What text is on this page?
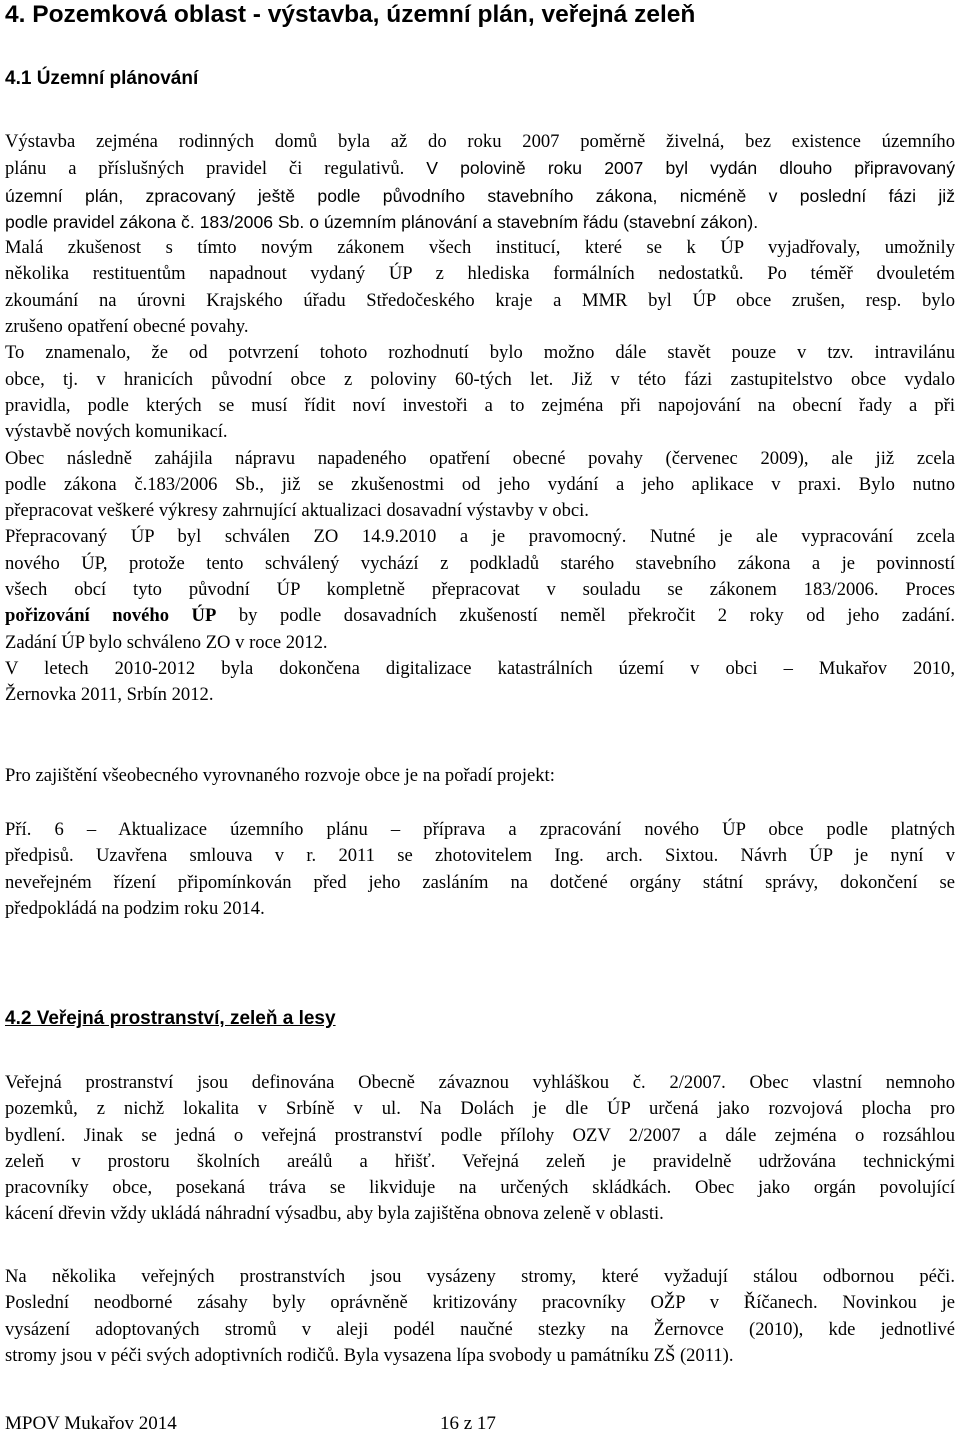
4. Pozemková oblast - výstavba, územní plán, veřejná zeleň
4.1 Územní plánování
Výstavba zejména rodinných domů byla až do roku 2007 poměrně živelná, bez existence územního
plánu a příslušných pravidel či regulativů. V polovině roku 2007 byl vydán dlouho připravovaný
územní plán, zpracovaný ještě podle původního stavebního zákona, nicméně v poslední fázi již
podle pravidel zákona č. 183/2006 Sb. o územním plánování a stavebním řádu (stavební zákon).
Malá zkušenost s tímto novým zákonem všech institucí, které se k ÚP vyjadřovaly, umožnily
několika restituentům napadnout vydaný ÚP z hlediska formálních nedostatků. Po téměř dvouletém
zkoumání na úrovni Krajského úřadu Středočeského kraje a MMR byl ÚP obce zrušen, resp. bylo
zrušeno opatření obecné povahy.
To znamenalo, že od potvrzení tohoto rozhodnutí bylo možno dále stavět pouze v tzv. intravilánu
obce, tj. v hranicích původní obce z poloviny 60-tých let. Již v této fázi zastupitelstvo obce vydalo
pravidla, podle kterých se musí řídit noví investoři a to zejména při napojování na obecní řady a při
výstavbě nových komunikací.
Obec následně zahájila nápravu napadeného opatření obecné povahy (červenec 2009), ale již zcela
podle zákona č.183/2006 Sb., již se zkušenostmi od jeho vydání a jeho aplikace v praxi. Bylo nutno
přepracovat veškeré výkresy zahrnující aktualizaci dosavadní výstavby v obci.
Přepracovaný ÚP byl schválen ZO 14.9.2010 a je pravomocný. Nutné je ale vypracování zcela
nového ÚP, protože tento schválený vychází z podkladů starého stavebního zákona a je povinností
všech obcí tyto původní ÚP kompletně přepracovat v souladu se zákonem 183/2006. Proces
pořizování nového ÚP by podle dosavadních zkušeností neměl překročit 2 roky od jeho zadání.
Zadání ÚP bylo schváleno ZO v roce 2012.
V letech 2010-2012 byla dokončena digitalizace katastrálních území v obci – Mukařov 2010,
Žernovka 2011, Srbín 2012.
Pro zajištění všeobecného vyrovnaného rozvoje obce je na pořadí projekt:
Pří. 6 – Aktualizace územního plánu – příprava a zpracování nového ÚP obce podle platných
předpisů. Uzavřena smlouva v r. 2011 se zhotovitelem Ing. arch. Sixtou. Návrh ÚP je nyní v
neveřejném řízení připomínkován před jeho zasláním na dotčené orgány státní správy, dokončení se
předpokládá na podzim roku 2014.
4.2 Veřejná prostranství, zeleň a lesy
Veřejná prostranství jsou definována Obecně závaznou vyhláškou č. 2/2007. Obec vlastní nemnoho
pozemků, z nichž lokalita v Srbíně v ul. Na Dolách je dle ÚP určená jako rozvojová plocha pro
bydlení. Jinak se jedná o veřejná prostranství podle přílohy OZV 2/2007 a dále zejména o rozsáhlou
zeleň v prostoru školních areálů a hřišť. Veřejná zeleň je pravidelně udržována technickými
pracovníky obce, posekaná tráva se likviduje na určených skládkách. Obec jako orgán povolující
kácení dřevin vždy ukládá náhradní výsadbu, aby byla zajištěna obnova zeleně v oblasti.
Na několika veřejných prostranstvích jsou vysázeny stromy, které vyžadují stálou odbornou péči.
Poslední neodborné zásahy byly oprávněně kritizovány pracovníky OŽP v Říčanech. Novinkou je
vysázení adoptovaných stromů v aleji podél naučné stezky na Žernovce (2010), kde jednotlivé
stromy jsou v péči svých adoptivních rodičů. Byla vysazena lípa svobody u památníku ZŠ (2011).
MPOV Mukařov 2014	16 z 17
